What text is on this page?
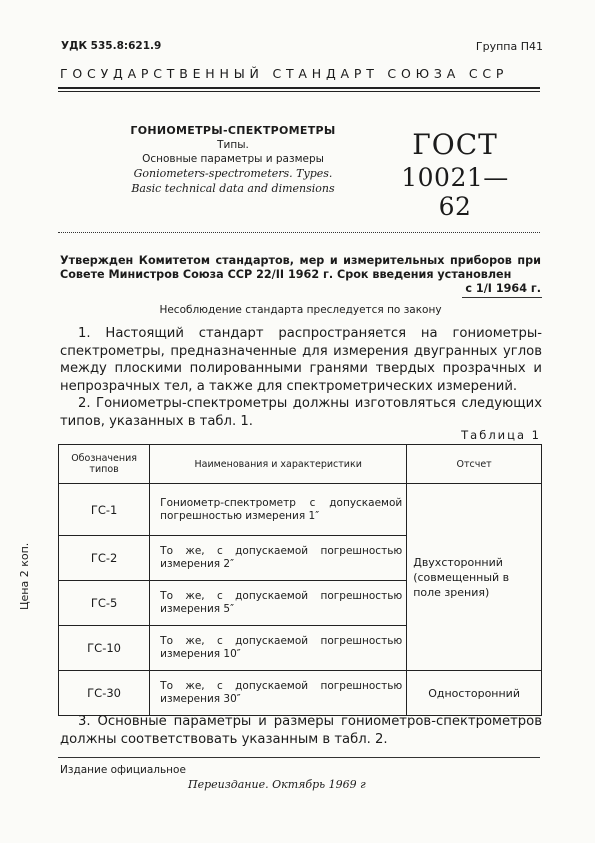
УДК 535.8:621.9	Группа П41
ГОСУДАРСТВЕННЫЙ СТАНДАРТ СОЮЗА ССР
ГОНИОМЕТРЫ-СПЕКТРОМЕТРЫ
Типы.
Основные параметры и размеры
Goniometers-spectrometers. Types.
Basic technical data and dimensions
ГОСТ
10021—62
Утвержден Комитетом стандартов, мер и измерительных приборов при Совете Министров Союза ССР 22/II 1962 г. Срок введения установлен
с 1/I 1964 г.
Несоблюдение стандарта преследуется по закону
1. Настоящий стандарт распространяется на гониометры-спектрометры, предназначенные для измерения двугранных углов между плоскими полированными гранями твердых прозрачных и непрозрачных тел, а также для спектрометрических измерений.
2. Гониометры-спектрометры должны изготовляться следующих типов, указанных в табл. 1.
Таблица 1
Обозначения типов	Наименования и характеристики	Отсчет
ГС-1	Гониометр-спектрометр с допускаемой погрешностью измерения 1″	Двухсторонний (совмещенный в поле зрения)
ГС-2	То же, с допускаемой погрешностью измерения 2″	
ГС-5	То же, с допускаемой погрешностью измерения 5″	
ГС-10	То же, с допускаемой погрешностью измерения 10″	
ГС-30	То же, с допускаемой погрешностью измерения 30″	Односторонний
3. Основные параметры и размеры гониометров-спектрометров должны соответствовать указанным в табл. 2.
Издание официальное
Переиздание. Октябрь 1969 г
Цена 2 коп.
